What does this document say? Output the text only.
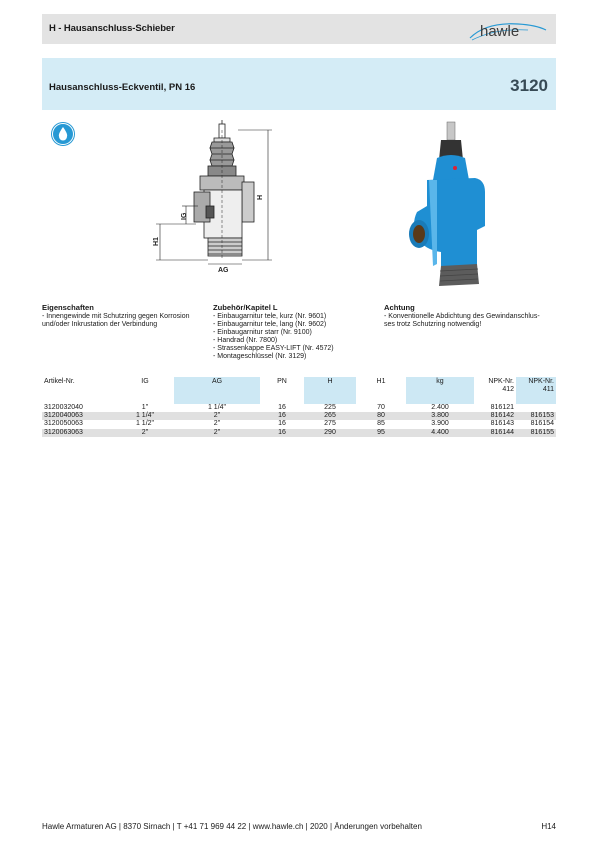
H - Hausanschluss-Schieber	hawle
Hausanschluss-Eckventil, PN 16	3120
H
IG
H1
AG
Eigenschaften
- Innengewinde mit Schutzring gegen Korrosion
und/oder Inkrustation der Verbindung
Zubehör/Kapitel L
- Einbaugarnitur tele, kurz (Nr. 9601)
- Einbaugarnitur tele, lang (Nr. 9602)
- Einbaugarnitur starr (Nr. 9100)
- Handrad (Nr. 7800)
- Strassenkappe EASY-LIFT (Nr. 4572)
- Montageschlüssel (Nr. 3129)
Achtung
- Konventionelle Abdichtung des Gewindanschlus-
ses trotz Schutzring notwendig!
Artikel-Nr.	IG	AG	PN	H	H1	kg	NPK-Nr. 412	NPK-Nr. 411
3120032040	1"	1 1/4"	16	225	70	2.400	816121	
3120040063	1 1/4"	2"	16	265	80	3.800	816142	816153
3120050063	1 1/2"	2"	16	275	85	3.900	816143	816154
3120063063	2"	2"	16	290	95	4.400	816144	816155
Hawle Armaturen AG | 8370 Sirnach | T +41 71 969 44 22 | www.hawle.ch | 2020 | Änderungen vorbehalten	H14
